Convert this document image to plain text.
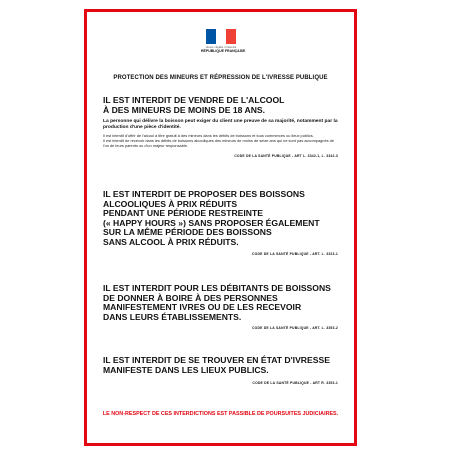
Liberté • Égalité • Fraternité
RÉPUBLIQUE FRANÇAISE
PROTECTION DES MINEURS ET RÉPRESSION DE L'IVRESSE PUBLIQUE
IL EST INTERDIT DE VENDRE DE L'ALCOOL
À DES MINEURS DE MOINS DE 18 ANS.
La personne qui délivre la boisson peut exiger du client une preuve de sa majorité, notamment par la production d'une pièce d'identité.
Il est interdit d'offrir de l'alcool à titre gratuit à des mineurs dans les débits de boissons et tous commerces ou lieux publics.
Il est interdit de recevoir dans les débits de boissons alcooliques des mineurs de moins de seize ans qui ne sont pas accompagnés de l'un de leurs parents ou d'un majeur responsable.
CODE DE LA SANTÉ PUBLIQUE - ART L. 3342-1, L. 3342-3
IL EST INTERDIT DE PROPOSER DES BOISSONS
ALCOOLIQUES À PRIX RÉDUITS
PENDANT UNE PÉRIODE RESTREINTE
(« HAPPY HOURS ») SANS PROPOSER ÉGALEMENT
SUR LA MÊME PÉRIODE DES BOISSONS
SANS ALCOOL À PRIX RÉDUITS.
CODE DE LA SANTÉ PUBLIQUE - ART. L. 3323-1
IL EST INTERDIT POUR LES DÉBITANTS DE BOISSONS
DE DONNER À BOIRE À DES PERSONNES
MANIFESTEMENT IVRES OU DE LES RECEVOIR
DANS LEURS ÉTABLISSEMENTS.
CODE DE LA SANTÉ PUBLIQUE - ART. L. 3353-2
IL EST INTERDIT DE SE TROUVER EN ÉTAT D'IVRESSE
MANIFESTE DANS LES LIEUX PUBLICS.
CODE DE LA SANTÉ PUBLIQUE - ART R. 3353-1
LE NON-RESPECT DE CES INTERDICTIONS EST PASSIBLE DE POURSUITES JUDICIAIRES.
